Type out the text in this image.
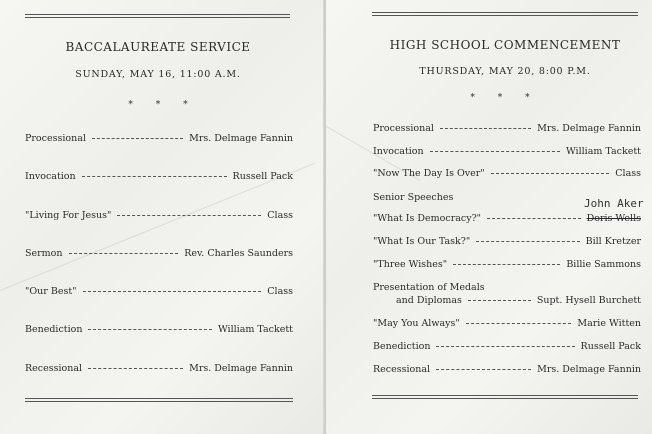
BACCALAUREATE SERVICE
SUNDAY, MAY 16, 11:00 A.M.
* * *
Processional	Mrs. Delmage Fannin
Invocation	Russell Pack
"Living For Jesus"	Class
Sermon	Rev. Charles Saunders
"Our Best"	Class
Benediction	William Tackett
Recessional	Mrs. Delmage Fannin
HIGH SCHOOL COMMENCEMENT
THURSDAY, MAY 20, 8:00 P.M.
* * *
Processional	Mrs. Delmage Fannin
Invocation	William Tackett
"Now The Day Is Over"	Class
Senior Speeches	John Aker
"What Is Democracy?"	Doris Wells
"What Is Our Task?"	Bill Kretzer
"Three Wishes"	Billie Sammons
Presentation of Medals
and Diplomas	Supt. Hysell Burchett
"May You Always"	Marie Witten
Benediction	Russell Pack
Recessional	Mrs. Delmage Fannin
